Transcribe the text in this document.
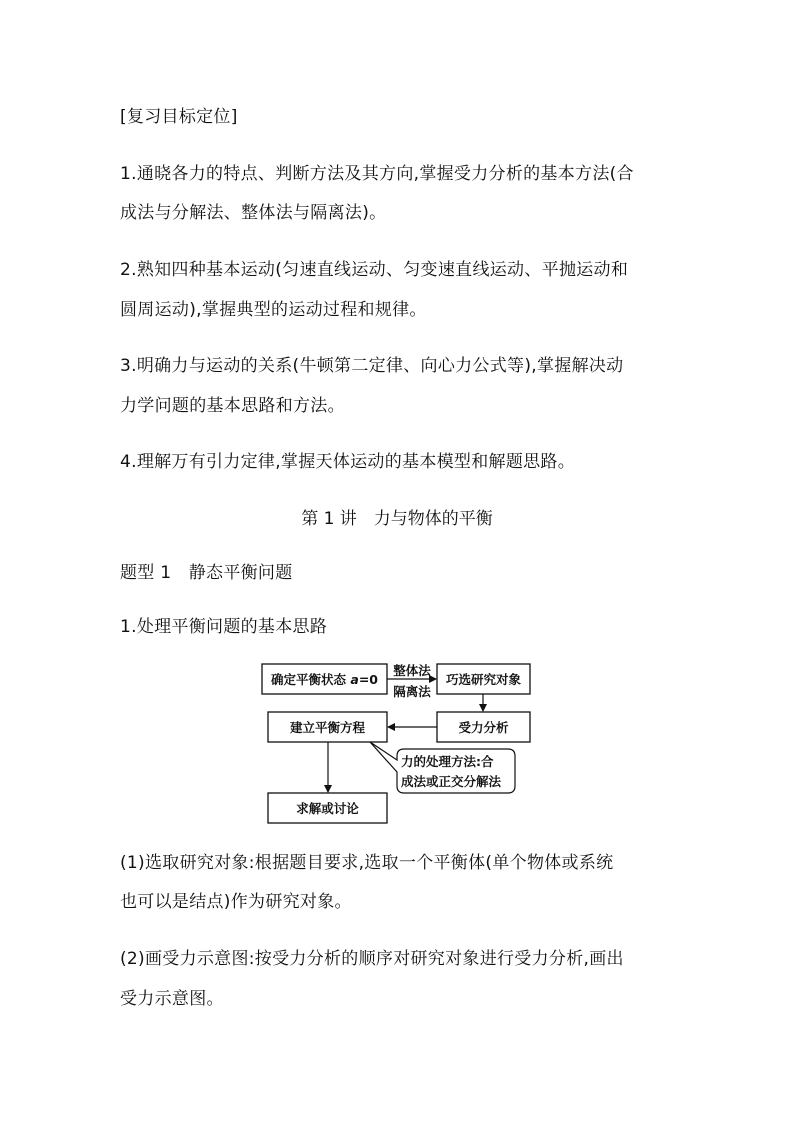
[复习目标定位]
1.通晓各力的特点、判断方法及其方向,掌握受力分析的基本方法(合
成法与分解法、整体法与隔离法)。
2.熟知四种基本运动(匀速直线运动、匀变速直线运动、平抛运动和
圆周运动),掌握典型的运动过程和规律。
3.明确力与运动的关系(牛顿第二定律、向心力公式等),掌握解决动
力学问题的基本思路和方法。
4.理解万有引力定律,掌握天体运动的基本模型和解题思路。
第 1 讲　力与物体的平衡
题型 1　静态平衡问题
1.处理平衡问题的基本思路
确定平衡状态 a=0	巧选研究对象
整体法
隔离法
受力分析
建立平衡方程
求解或讨论
力的处理方法:合
成法或正交分解法
(1)选取研究对象:根据题目要求,选取一个平衡体(单个物体或系统
也可以是结点)作为研究对象。
(2)画受力示意图:按受力分析的顺序对研究对象进行受力分析,画出
受力示意图。
